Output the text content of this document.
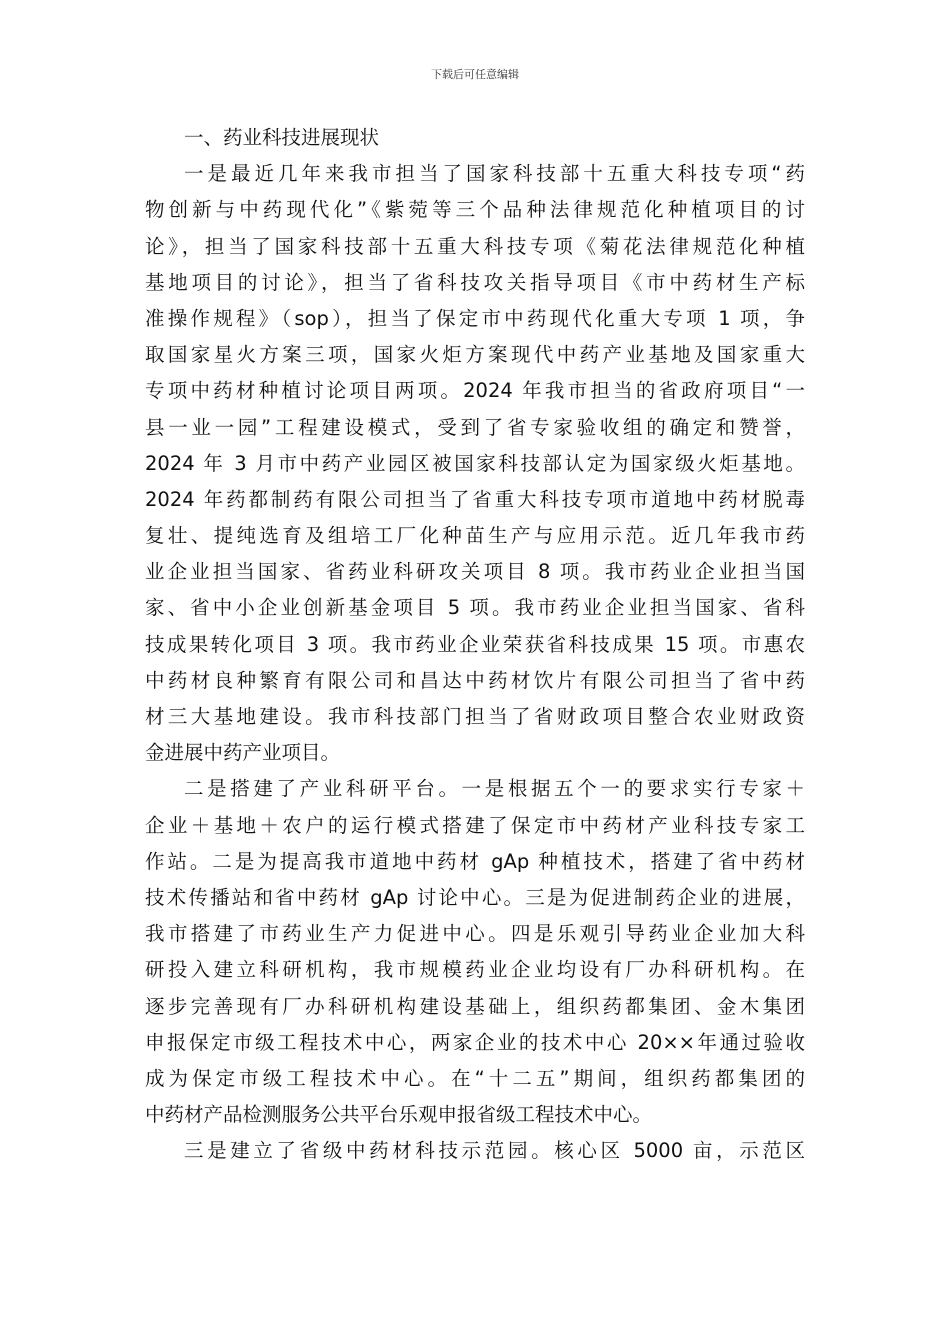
下载后可任意编辑
一、药业科技进展现状
一是最近几年来我市担当了国家科技部十五重大科技专项“药
物创新与中药现代化”《紫菀等三个品种法律规范化种植项目的讨
论》，担当了国家科技部十五重大科技专项《菊花法律规范化种植
基地项目的讨论》，担当了省科技攻关指导项目《市中药材生产标
准操作规程》（sop），担当了保定市中药现代化重大专项 1 项，争
取国家星火方案三项，国家火炬方案现代中药产业基地及国家重大
专项中药材种植讨论项目两项。2024 年我市担当的省政府项目“一
县一业一园”工程建设模式，受到了省专家验收组的确定和赞誉，
2024 年 3 月市中药产业园区被国家科技部认定为国家级火炬基地。
2024 年药都制药有限公司担当了省重大科技专项市道地中药材脱毒
复壮、提纯选育及组培工厂化种苗生产与应用示范。近几年我市药
业企业担当国家、省药业科研攻关项目 8 项。我市药业企业担当国
家、省中小企业创新基金项目 5 项。我市药业企业担当国家、省科
技成果转化项目 3 项。我市药业企业荣获省科技成果 15 项。市惠农
中药材良种繁育有限公司和昌达中药材饮片有限公司担当了省中药
材三大基地建设。我市科技部门担当了省财政项目整合农业财政资
金进展中药产业项目。
二是搭建了产业科研平台。一是根据五个一的要求实行专家＋
企业＋基地＋农户的运行模式搭建了保定市中药材产业科技专家工
作站。二是为提高我市道地中药材 gAp 种植技术，搭建了省中药材
技术传播站和省中药材 gAp 讨论中心。三是为促进制药企业的进展，
我市搭建了市药业生产力促进中心。四是乐观引导药业企业加大科
研投入建立科研机构，我市规模药业企业均设有厂办科研机构。在
逐步完善现有厂办科研机构建设基础上，组织药都集团、金木集团
申报保定市级工程技术中心，两家企业的技术中心 20××年通过验收
成为保定市级工程技术中心。在“十二五”期间，组织药都集团的
中药材产品检测服务公共平台乐观申报省级工程技术中心。
三是建立了省级中药材科技示范园。核心区 5000 亩，示范区
